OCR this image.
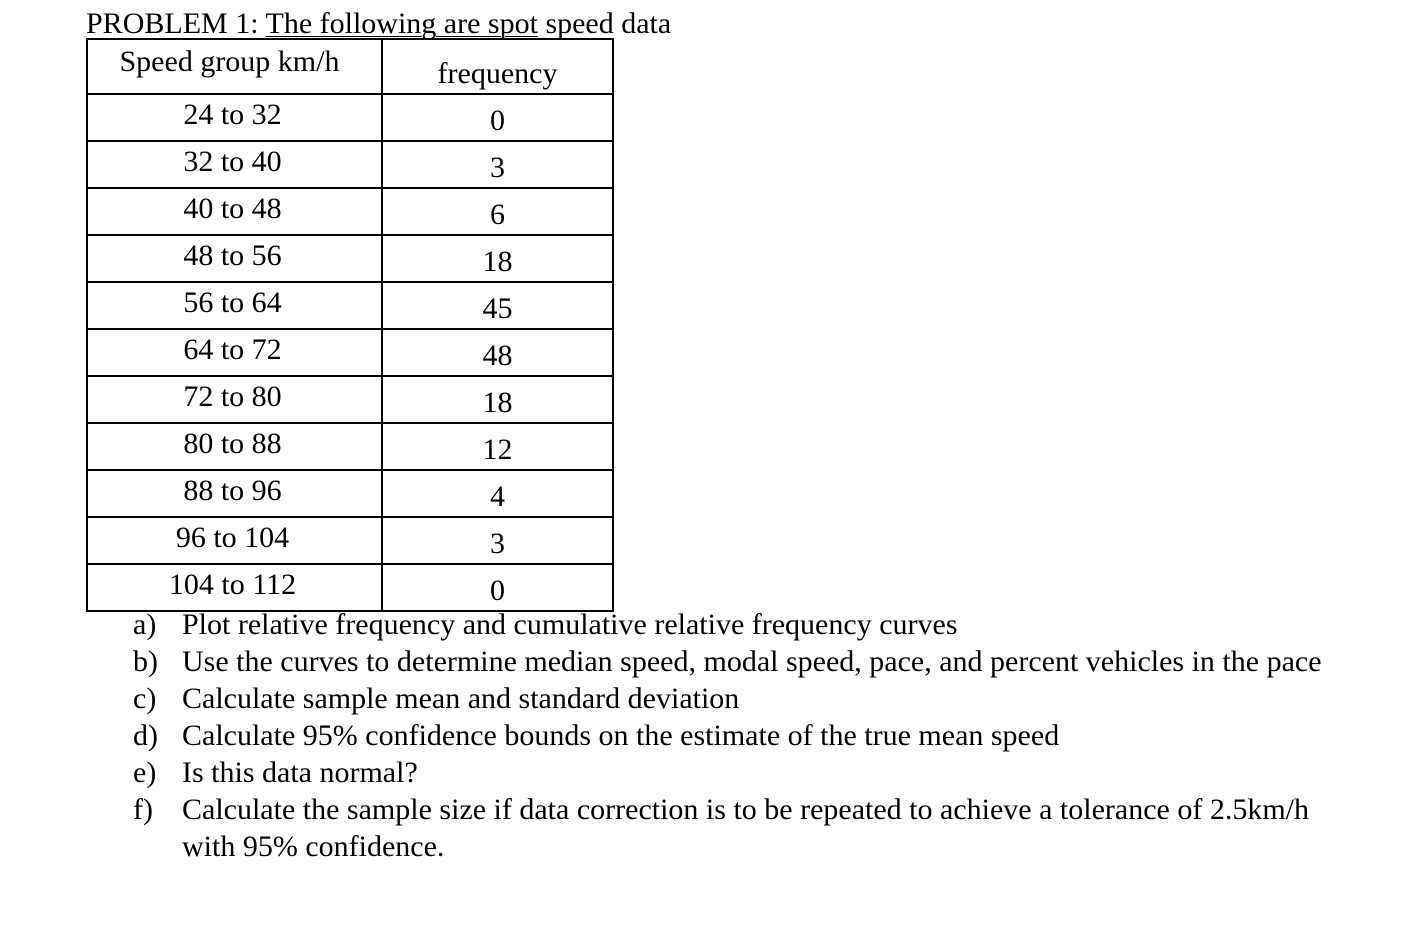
PROBLEM 1: The following are spot speed data
Speed group km/h	frequency

24 to 32	0

32 to 40	3

40 to 48	6

48 to 56	18

56 to 64	45

64 to 72	48

72 to 80	18

80 to 88	12

88 to 96	4

96 to 104	3

104 to 112	0
a) Plot relative frequency and cumulative relative frequency curves
b) Use the curves to determine median speed, modal speed, pace, and percent vehicles in the pace
c) Calculate sample mean and standard deviation
d) Calculate 95% confidence bounds on the estimate of the true mean speed
e) Is this data normal?
f) Calculate the sample size if data correction is to be repeated to achieve a tolerance of 2.5km/h with 95% confidence.
